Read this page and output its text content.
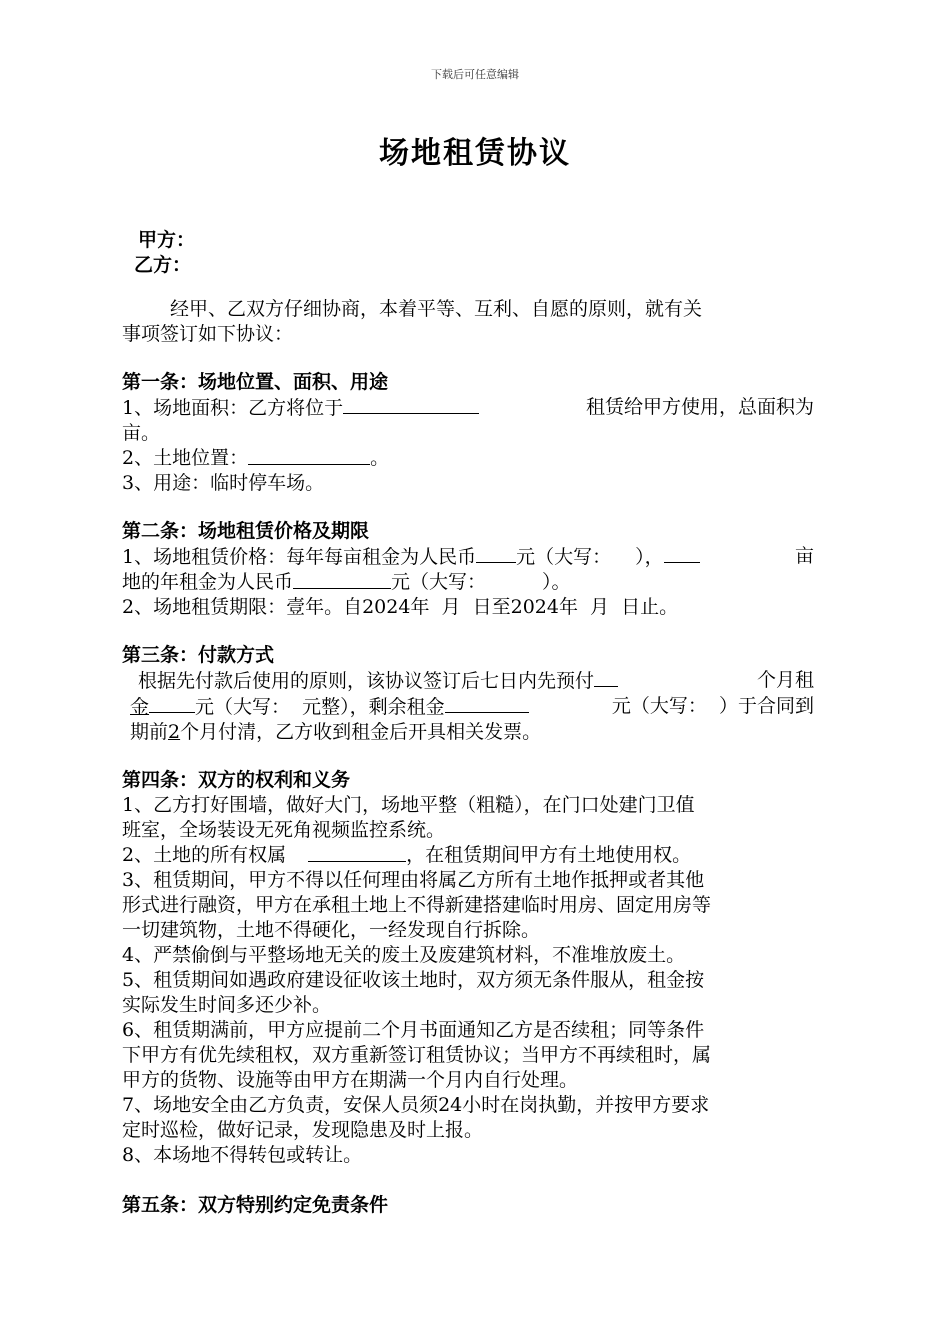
下载后可任意编辑
场地租赁协议
甲方：
乙方：
经甲、乙双方仔细协商，本着平等、互利、自愿的原则，就有关
事项签订如下协议：
第一条：场地位置、面积、用途
1、场地面积：乙方将位于	租赁给甲方使用，总面积为
亩。
2、土地位置：	。
3、用途：临时停车场。
第二条：场地租赁价格及期限
1、场地租赁价格：每年每亩租金为人民币 元（大写： ），	亩
地的年租金为人民币	元（大写：	）。
2、场地租赁期限：壹年。自2024年  月  日至2024年  月  日止。
第三条：付款方式
根据先付款后使用的原则，该协议签订后七日内先预付	个月租
金 元（大写：  元整），剩余租金	元（大写：  ）于合同到
期前 2 个月付清，乙方收到租金后开具相关发票。
第四条：双方的权利和义务
1、乙方打好围墙，做好大门，场地平整（粗糙），在门口处建门卫值
班室，全场装设无死角视频监控系统。
2、土地的所有权属	，在租赁期间甲方有土地使用权。
3、租赁期间，甲方不得以任何理由将属乙方所有土地作抵押或者其他
形式进行融资，甲方在承租土地上不得新建搭建临时用房、固定用房等
一切建筑物，土地不得硬化，一经发现自行拆除。
4、严禁偷倒与平整场地无关的废土及废建筑材料，不准堆放废土。
5、租赁期间如遇政府建设征收该土地时，双方须无条件服从，租金按
实际发生时间多还少补。
6、租赁期满前，甲方应提前二个月书面通知乙方是否续租；同等条件
下甲方有优先续租权，双方重新签订租赁协议；当甲方不再续租时，属
甲方的货物、设施等由甲方在期满一个月内自行处理。
7、场地安全由乙方负责，安保人员须24小时在岗执勤，并按甲方要求
定时巡检，做好记录，发现隐患及时上报。
8、本场地不得转包或转让。
第五条：双方特别约定免责条件
